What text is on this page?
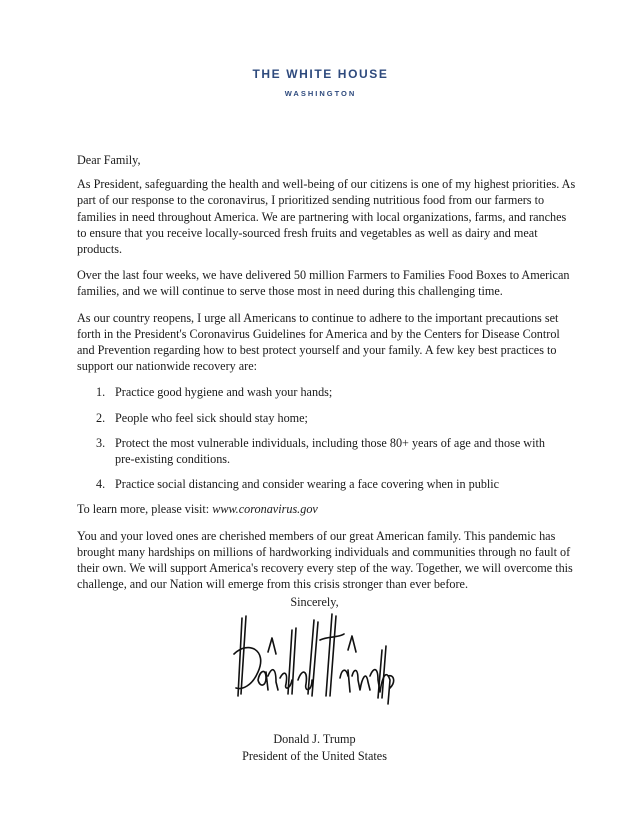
THE WHITE HOUSE
WASHINGTON

Dear Family,

As President, safeguarding the health and well-being of our citizens is one of my highest priorities. As part of our response to the coronavirus, I prioritized sending nutritious food from our farmers to families in need throughout America. We are partnering with local organizations, farms, and ranches to ensure that you receive locally-sourced fresh fruits and vegetables as well as dairy and meat products.

Over the last four weeks, we have delivered 50 million Farmers to Families Food Boxes to American families, and we will continue to serve those most in need during this challenging time.

As our country reopens, I urge all Americans to continue to adhere to the important precautions set forth in the President's Coronavirus Guidelines for America and by the Centers for Disease Control and Prevention regarding how to best protect yourself and your family. A few key best practices to support our nationwide recovery are:

1. Practice good hygiene and wash your hands;
2. People who feel sick should stay home;
3. Protect the most vulnerable individuals, including those 80+ years of age and those with pre-existing conditions.
4. Practice social distancing and consider wearing a face covering when in public

To learn more, please visit: www.coronavirus.gov

You and your loved ones are cherished members of our great American family. This pandemic has brought many hardships on millions of hardworking individuals and communities through no fault of their own. We will support America's recovery every step of the way. Together, we will overcome this challenge, and our Nation will emerge from this crisis stronger than ever before.

Sincerely,
Donald J. Trump
President of the United States
